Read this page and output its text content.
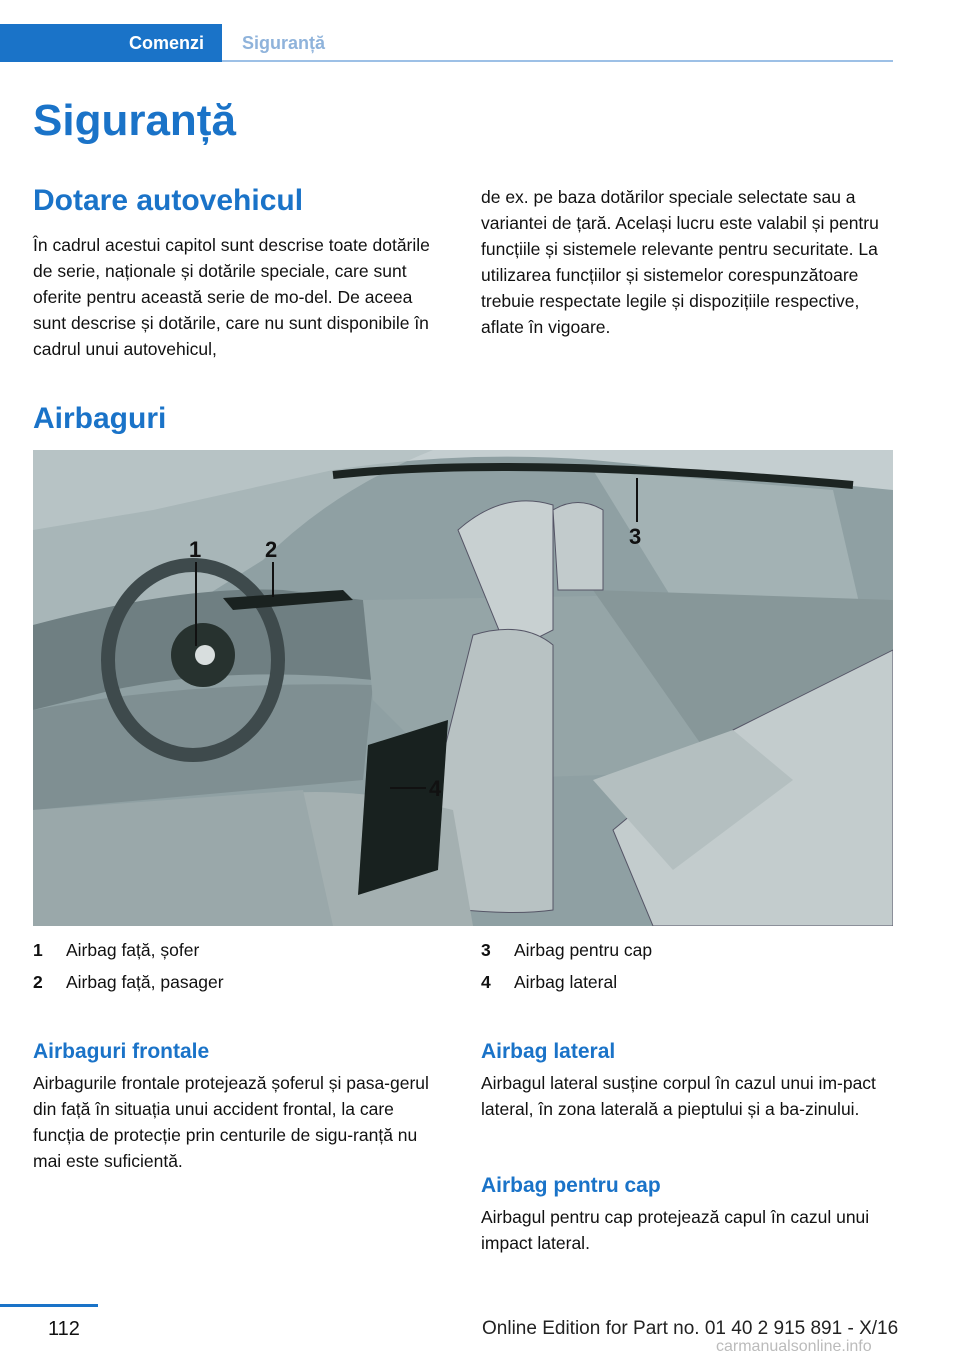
Comenzi	Siguranță
Siguranță
Dotare autovehicul

În cadrul acestui capitol sunt descrise toate dotările de serie, naționale și dotările speciale, care sunt oferite pentru această serie de mo-del. De aceea sunt descrise și dotările, care nu sunt disponibile în cadrul unui autovehicul,

de ex. pe baza dotărilor speciale selectate sau a variantei de țară. Același lucru este valabil și pentru funcțiile și sistemele relevante pentru securitate. La utilizarea funcțiilor și sistemelor corespunzătoare trebuie respectate legile și dispozițiile respective, aflate în vigoare.

Airbaguri
1	2
3
4
1	Airbag față, șofer
2	Airbag față, pasager
3	Airbag pentru cap
4	Airbag lateral
Airbaguri frontale

Airbagurile frontale protejează șoferul și pasa-gerul din față în situația unui accident frontal, la care funcția de protecție prin centurile de sigu-ranță nu mai este suficientă.

Airbag lateral

Airbagul lateral susține corpul în cazul unui im-pact lateral, în zona laterală a pieptului și a ba-zinului.

Airbag pentru cap

Airbagul pentru cap protejează capul în cazul unui impact lateral.

112	Online Edition for Part no. 01 40 2 915 891 - X/16
carmanualsonline.info
